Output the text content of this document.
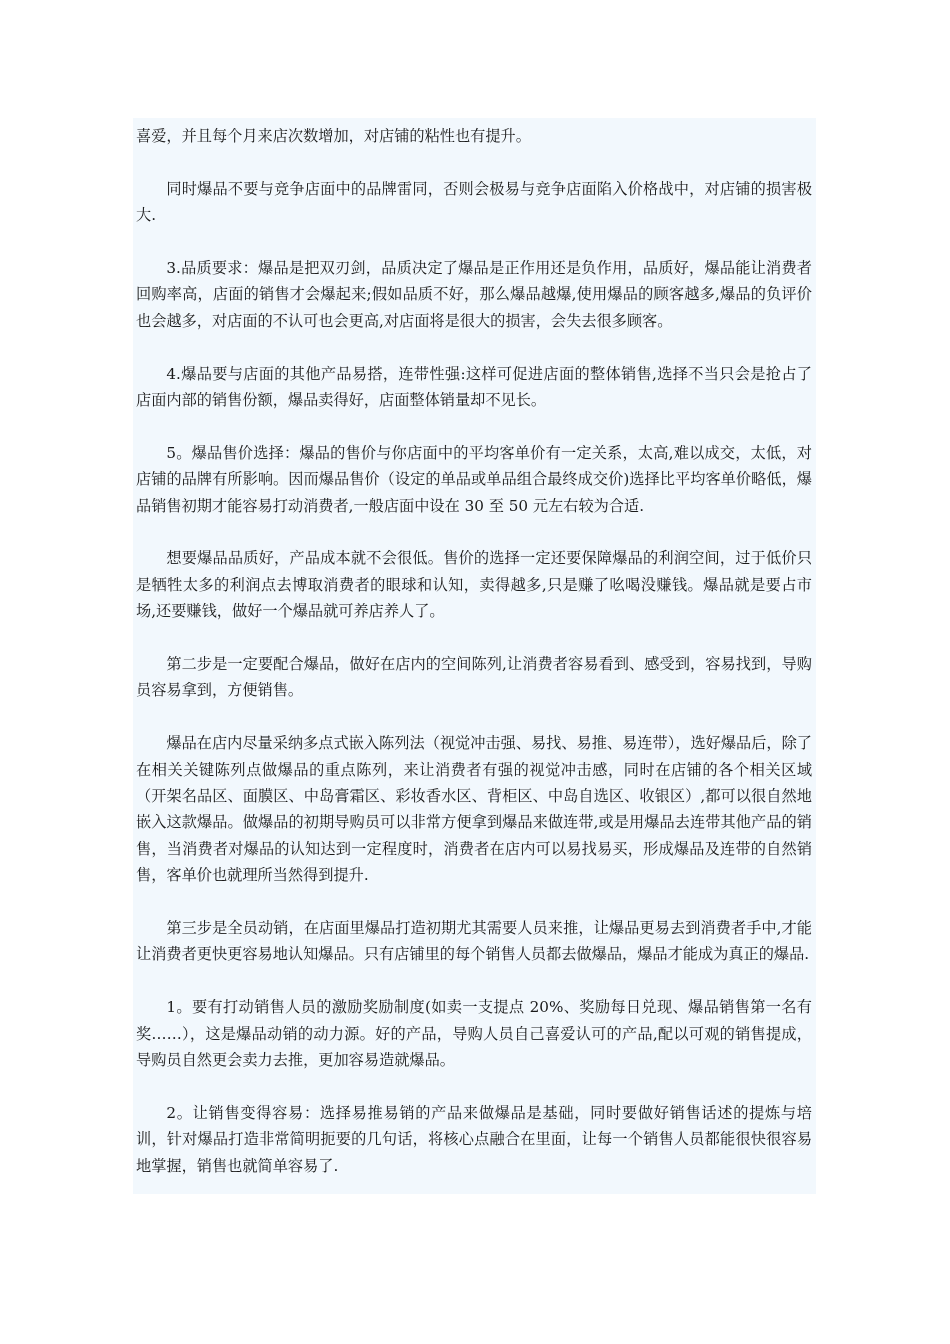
喜爱，并且每个月来店次数增加，对店铺的粘性也有提升。

同时爆品不要与竞争店面中的品牌雷同，否则会极易与竞争店面陷入价格战中，对店铺的损害极大.

3.品质要求：爆品是把双刃剑，品质决定了爆品是正作用还是负作用，品质好，爆品能让消费者回购率高，店面的销售才会爆起来;假如品质不好，那么爆品越爆,使用爆品的顾客越多,爆品的负评价也会越多，对店面的不认可也会更高,对店面将是很大的损害，会失去很多顾客。

4.爆品要与店面的其他产品易搭，连带性强:这样可促进店面的整体销售,选择不当只会是抢占了店面内部的销售份额，爆品卖得好，店面整体销量却不见长。

5。爆品售价选择：爆品的售价与你店面中的平均客单价有一定关系，太高,难以成交，太低，对店铺的品牌有所影响。因而爆品售价（设定的单品或单品组合最终成交价)选择比平均客单价略低，爆品销售初期才能容易打动消费者,一般店面中设在 30 至 50 元左右较为合适.

想要爆品品质好，产品成本就不会很低。售价的选择一定还要保障爆品的利润空间，过于低价只是牺牲太多的利润点去博取消费者的眼球和认知，卖得越多,只是赚了吆喝没赚钱。爆品就是要占市场,还要赚钱，做好一个爆品就可养店养人了。

第二步是一定要配合爆品，做好在店内的空间陈列,让消费者容易看到、感受到，容易找到，导购员容易拿到，方便销售。

爆品在店内尽量采纳多点式嵌入陈列法（视觉冲击强、易找、易推、易连带），选好爆品后，除了在相关关键陈列点做爆品的重点陈列，来让消费者有强的视觉冲击感，同时在店铺的各个相关区域（开架名品区、面膜区、中岛膏霜区、彩妆香水区、背柜区、中岛自选区、收银区）,都可以很自然地嵌入这款爆品。做爆品的初期导购员可以非常方便拿到爆品来做连带,或是用爆品去连带其他产品的销售，当消费者对爆品的认知达到一定程度时，消费者在店内可以易找易买，形成爆品及连带的自然销售，客单价也就理所当然得到提升.

第三步是全员动销，在店面里爆品打造初期尤其需要人员来推，让爆品更易去到消费者手中,才能让消费者更快更容易地认知爆品。只有店铺里的每个销售人员都去做爆品，爆品才能成为真正的爆品.

1。要有打动销售人员的激励奖励制度(如卖一支提点 20%、奖励每日兑现、爆品销售第一名有奖……），这是爆品动销的动力源。好的产品，导购人员自己喜爱认可的产品,配以可观的销售提成，导购员自然更会卖力去推，更加容易造就爆品。

2。让销售变得容易：选择易推易销的产品来做爆品是基础，同时要做好销售话述的提炼与培训，针对爆品打造非常简明扼要的几句话，将核心点融合在里面，让每一个销售人员都能很快很容易地掌握，销售也就简单容易了.
